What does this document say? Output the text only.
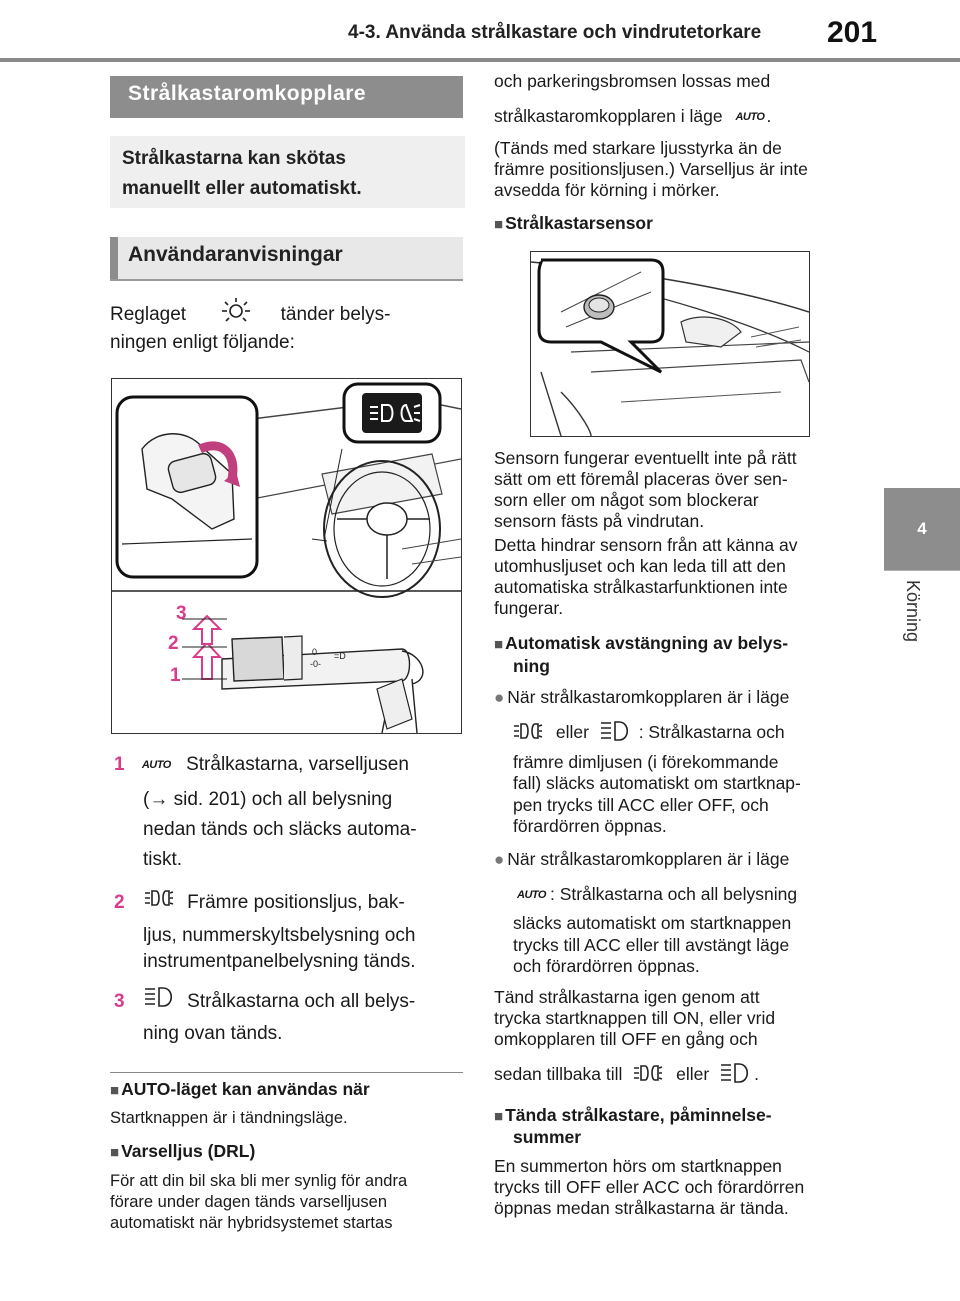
4-3. Använda strålkastare och vindrutetorkare 201
4
Körning
Strålkastaromkopplare
Strålkastarna kan skötas
manuellt eller automatiskt.
Användaranvisningar
Reglaget	tänder belys-
ningen enligt följande:
0
-0-
=D
3
2
1
1 AUTO Strålkastarna, varselljusen
(→ sid. 201) och all belysning
nedan tänds och släcks automa-
tiskt.
2	Främre positionsljus, bak-
ljus, nummerskyltsbelysning och
instrumentpanelbelysning tänds.
3	Strålkastarna och all belys-
ning ovan tänds.
■ AUTO-läget kan användas när
Startknappen är i tändningsläge.
■ Varselljus (DRL)
För att din bil ska bli mer synlig för andra
förare under dagen tänds varselljusen
automatiskt när hybridsystemet startas
och parkeringsbromsen lossas med
strålkastaromkopplaren i läge AUTO .
(Tänds med starkare ljusstyrka än de
främre positionsljusen.) Varselljus är inte
avsedda för körning i mörker.
■ Strålkastarsensor
Sensorn fungerar eventuellt inte på rätt
sätt om ett föremål placeras över sen-
sorn eller om något som blockerar
sensorn fästs på vindrutan.
Detta hindrar sensorn från att känna av
utomhusljuset och kan leda till att den
automatiska strålkastarfunktionen inte
fungerar.
■ Automatisk avstängning av belys-
ning
● När strålkastaromkopplaren är i läge
eller	: Strålkastarna och
främre dimljusen (i förekommande
fall) släcks automatiskt om startknap-
pen trycks till ACC eller OFF, och
förardörren öppnas.
● När strålkastaromkopplaren är i läge
AUTO : Strålkastarna och all belysning
släcks automatiskt om startknappen
trycks till ACC eller till avstängt läge
och förardörren öppnas.
Tänd strålkastarna igen genom att
trycka startknappen till ON, eller vrid
omkopplaren till OFF en gång och
sedan tillbaka till	eller	.
■ Tända strålkastare, påminnelse-
summer
En summerton hörs om startknappen
trycks till OFF eller ACC och förardörren
öppnas medan strålkastarna är tända.
